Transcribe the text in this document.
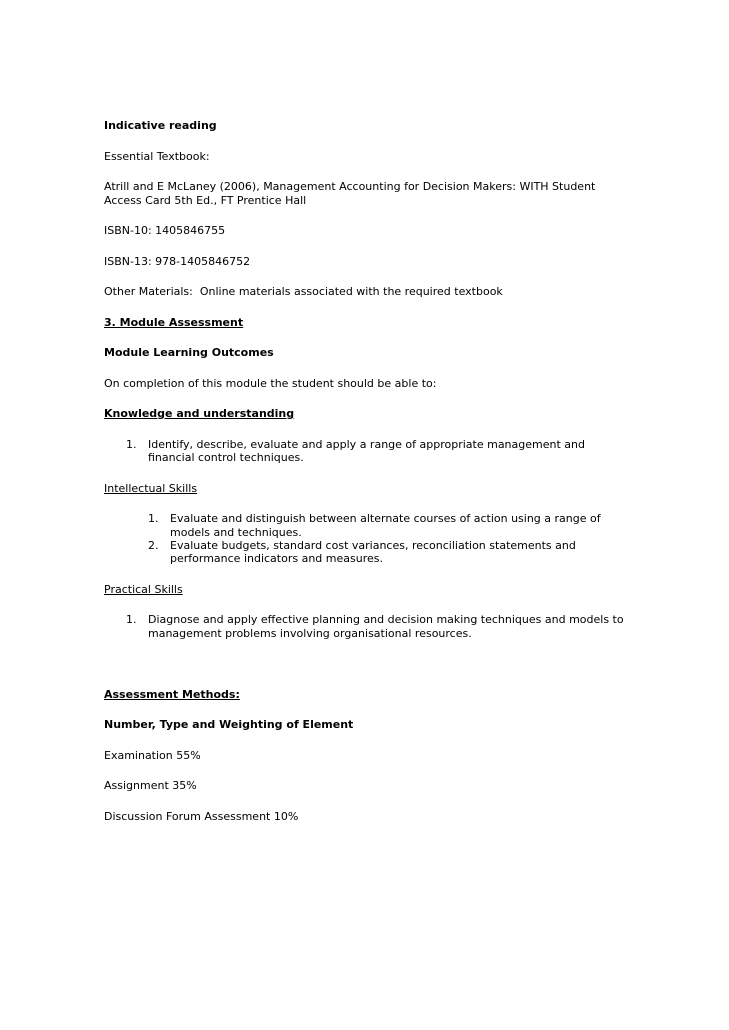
Indicative reading
Essential Textbook:
Atrill and E McLaney (2006), Management Accounting for Decision Makers: WITH Student
Access Card 5th Ed., FT Prentice Hall
ISBN-10: 1405846755
ISBN-13: 978-1405846752
Other Materials:  Online materials associated with the required textbook
3. Module Assessment
Module Learning Outcomes
On completion of this module the student should be able to:
Knowledge and understanding
1. Identify, describe, evaluate and apply a range of appropriate management and
financial control techniques.
Intellectual Skills
1. Evaluate and distinguish between alternate courses of action using a range of
models and techniques.
2. Evaluate budgets, standard cost variances, reconciliation statements and
performance indicators and measures.
Practical Skills
1. Diagnose and apply effective planning and decision making techniques and models to
management problems involving organisational resources.
Assessment Methods:
Number, Type and Weighting of Element
Examination 55%
Assignment 35%
Discussion Forum Assessment 10%
